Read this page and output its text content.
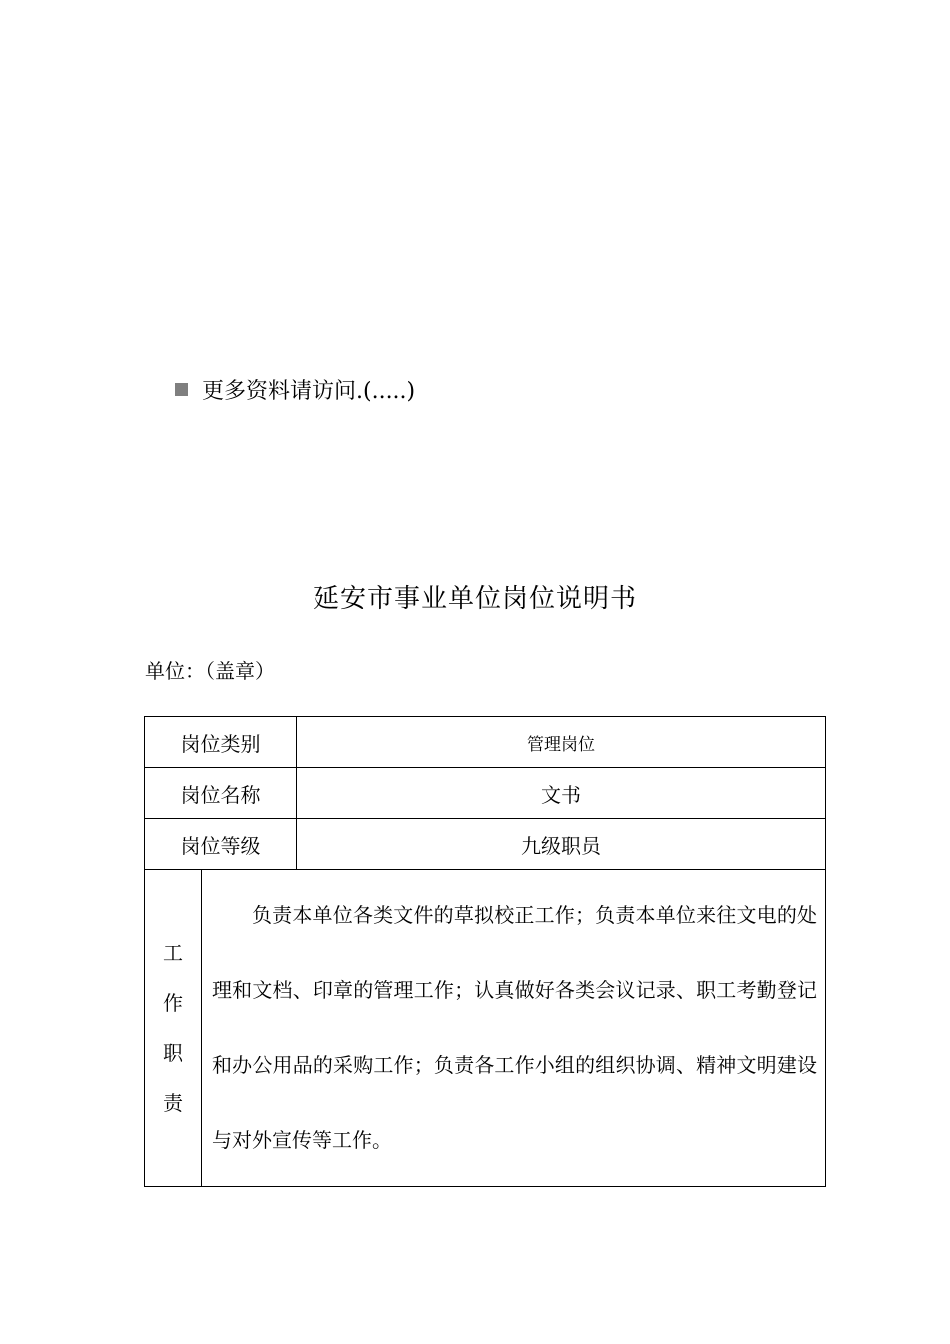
更多资料请访问.(.....)
延安市事业单位岗位说明书
单位：（盖章）
岗位类别		管理岗位
岗位名称		文书
岗位等级		九级职员

工
作
职
责	负责本单位各类文件的草拟校正工作；负责本单位来往文电的处理和文档、印章的管理工作；认真做好各类会议记录、职工考勤登记和办公用品的采购工作；负责各工作小组的组织协调、精神文明建设与对外宣传等工作。	
